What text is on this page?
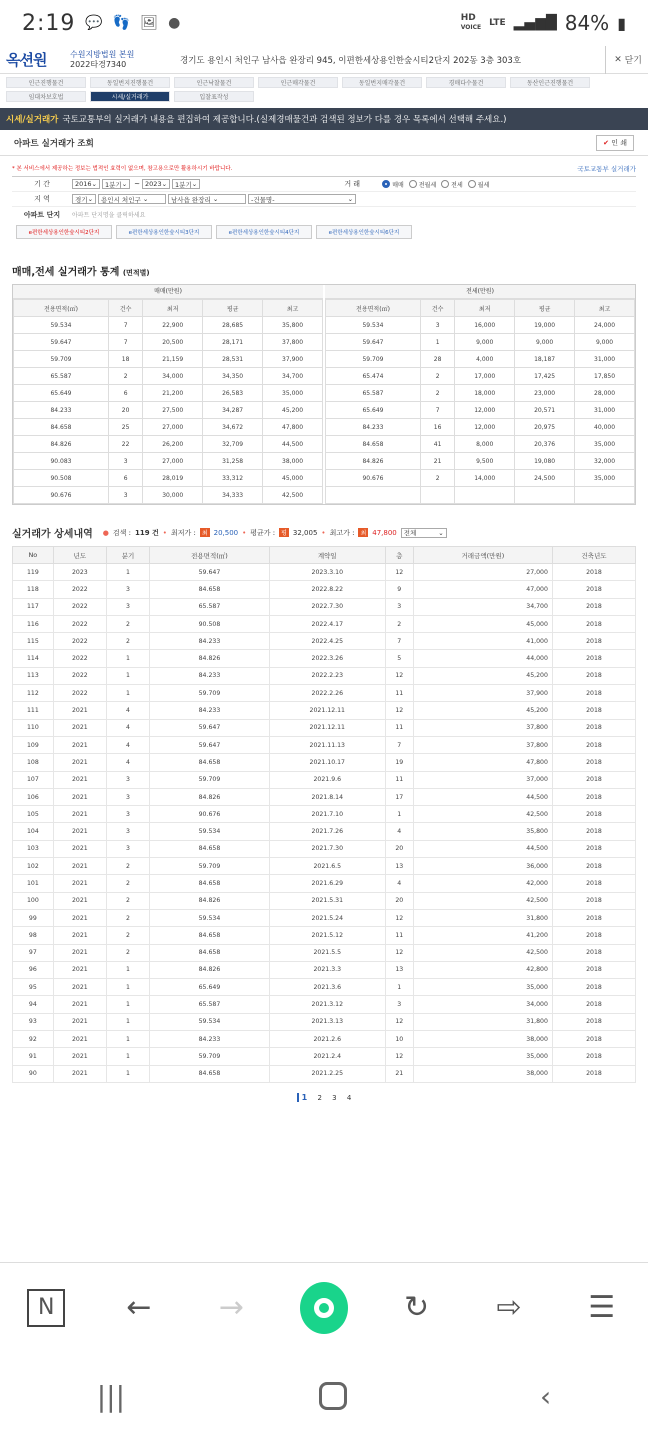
2:19 💬 👣 🖼 ●	HD
VOICE LTE ▂▄▆█ 84% ▮
옥션원	수원지방법원 본원
2022타경7340	경기도 용인시 처인구 남사읍 완장리 945, 이편한세상용인한숲시티2단지 202동 3층 303호	✕ 닫기
인근진행물건	동일번지진행물건	인근낙찰물건	인근매각물건	동일번지매각물건	경매다수물건	동산인근진행물건
임대차보호법	시세/실거래가	입찰표작성
시세/실거래가 국토교통부의 실거래가 내용을 편집하여 제공합니다.(실제경매물건과 검색된 정보가 다를 경우 목록에서 선택해 주세요.)
아파트 실거래가 조회	✔ 인 쇄
* 본 서비스에서 제공하는 정보는 법적인 효력이 없으며, 참고용으로만 활용하시기 바랍니다.	국토교통부 실거래가
기 간	2016 ⌄	1분기 ⌄	~ 2023 ⌄	1분기 ⌄	거 래	매매	전월세	전세	월세
지 역	경기 ⌄	용인시 처인구 ⌄	남사읍 완장리 ⌄	-건물명-	⌄
아파트 단지	아파트 단지명을 클릭하세요
e편한세상용인한숲시티2단지	e편한세상용인한숲시티3단지	e편한세상용인한숲시티4단지	e편한세상용인한숲시티6단지
매매,전세 실거래가 통계 (면적별)
매매(만원)
전용면적(㎡)	건수	최저	평균	최고
59.534	7	22,900	28,685	35,800
59.647	7	20,500	28,171	37,800
59.709	18	21,159	28,531	37,900
65.587	2	34,000	34,350	34,700
65.649	6	21,200	26,583	35,000
84.233	20	27,500	34,287	45,200
84.658	25	27,000	34,672	47,800
84.826	22	26,200	32,709	44,500
90.083	3	27,000	31,258	38,000
90.508	6	28,019	33,312	45,000
90.676	3	30,000	34,333	42,500
전세(만원)
전용면적(㎡)	건수	최저	평균	최고
59.534	3	16,000	19,000	24,000
59.647	1	9,000	9,000	9,000
59.709	28	4,000	18,187	31,000
65.474	2	17,000	17,425	17,850
65.587	2	18,000	23,000	28,000
65.649	7	12,000	20,571	31,000
84.233	16	12,000	20,975	40,000
84.658	41	8,000	20,376	35,000
84.826	21	9,500	19,080	32,000
90.676	2	14,000	24,500	35,000

실거래가 상세내역 ● 검색 : 119 건 • 최저가 :	최 20,500 • 평균가 :	평 32,005 • 최고가 :	최 47,800 전체	⌄
No	년도	분기	전용면적(㎡)	계약일	층	거래금액(만원)	건축년도
119	2023	1	59.647	2023.3.10	12	27,000	2018
118	2022	3	84.658	2022.8.22	9	47,000	2018
117	2022	3	65.587	2022.7.30	3	34,700	2018
116	2022	2	90.508	2022.4.17	2	45,000	2018
115	2022	2	84.233	2022.4.25	7	41,000	2018
114	2022	1	84.826	2022.3.26	5	44,000	2018
113	2022	1	84.233	2022.2.23	12	45,200	2018
112	2022	1	59.709	2022.2.26	11	37,900	2018
111	2021	4	84.233	2021.12.11	12	45,200	2018
110	2021	4	59.647	2021.12.11	11	37,800	2018
109	2021	4	59.647	2021.11.13	7	37,800	2018
108	2021	4	84.658	2021.10.17	19	47,800	2018
107	2021	3	59.709	2021.9.6	11	37,000	2018
106	2021	3	84.826	2021.8.14	17	44,500	2018
105	2021	3	90.676	2021.7.10	1	42,500	2018
104	2021	3	59.534	2021.7.26	4	35,800	2018
103	2021	3	84.658	2021.7.30	20	44,500	2018
102	2021	2	59.709	2021.6.5	13	36,000	2018
101	2021	2	84.658	2021.6.29	4	42,000	2018
100	2021	2	84.826	2021.5.31	20	42,500	2018
99	2021	2	59.534	2021.5.24	12	31,800	2018
98	2021	2	84.658	2021.5.12	11	41,200	2018
97	2021	2	84.658	2021.5.5	12	42,500	2018
96	2021	1	84.826	2021.3.3	13	42,800	2018
95	2021	1	65.649	2021.3.6	1	35,000	2018
94	2021	1	65.587	2021.3.12	3	34,000	2018
93	2021	1	59.534	2021.3.13	12	31,800	2018
92	2021	1	84.233	2021.2.6	10	38,000	2018
91	2021	1	59.709	2021.2.4	12	35,000	2018
90	2021	1	84.658	2021.2.25	21	38,000	2018
1 2 3 4
N	←	→	↻	⇨	☰
|||	‹
